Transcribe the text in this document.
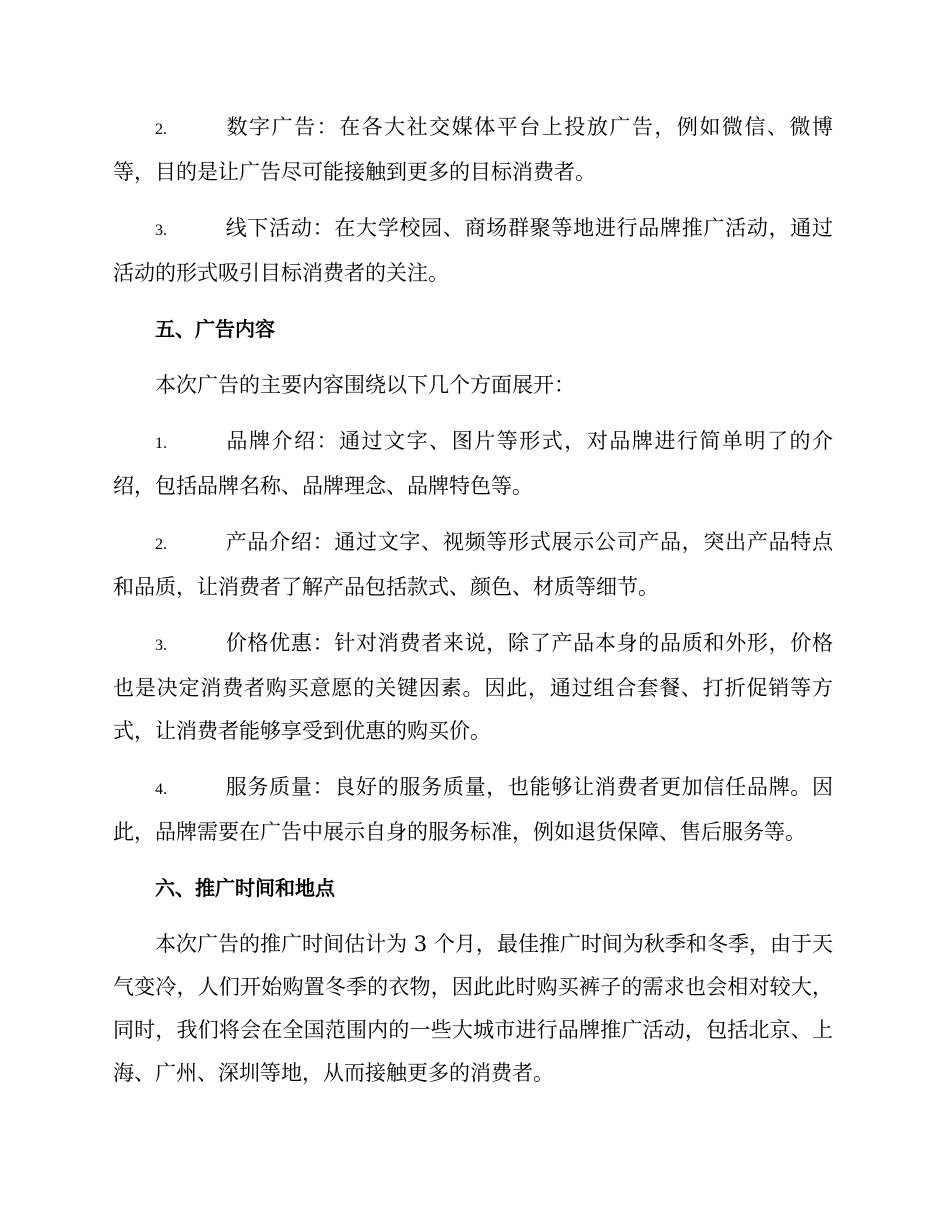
2.	数字广告：在各大社交媒体平台上投放广告，例如微信、微博等，目的是让广告尽可能接触到更多的目标消费者。

3.	线下活动：在大学校园、商场群聚等地进行品牌推广活动，通过活动的形式吸引目标消费者的关注。

五、广告内容

本次广告的主要内容围绕以下几个方面展开：

1.	品牌介绍：通过文字、图片等形式，对品牌进行简单明了的介绍，包括品牌名称、品牌理念、品牌特色等。

2.	产品介绍：通过文字、视频等形式展示公司产品，突出产品特点和品质，让消费者了解产品包括款式、颜色、材质等细节。

3.	价格优惠：针对消费者来说，除了产品本身的品质和外形，价格也是决定消费者购买意愿的关键因素。因此，通过组合套餐、打折促销等方式，让消费者能够享受到优惠的购买价。

4.	服务质量：良好的服务质量，也能够让消费者更加信任品牌。因此，品牌需要在广告中展示自身的服务标准，例如退货保障、售后服务等。

六、推广时间和地点

本次广告的推广时间估计为 3 个月，最佳推广时间为秋季和冬季，由于天气变冷，人们开始购置冬季的衣物，因此此时购买裤子的需求也会相对较大，同时，我们将会在全国范围内的一些大城市进行品牌推广活动，包括北京、上海、广州、深圳等地，从而接触更多的消费者。
